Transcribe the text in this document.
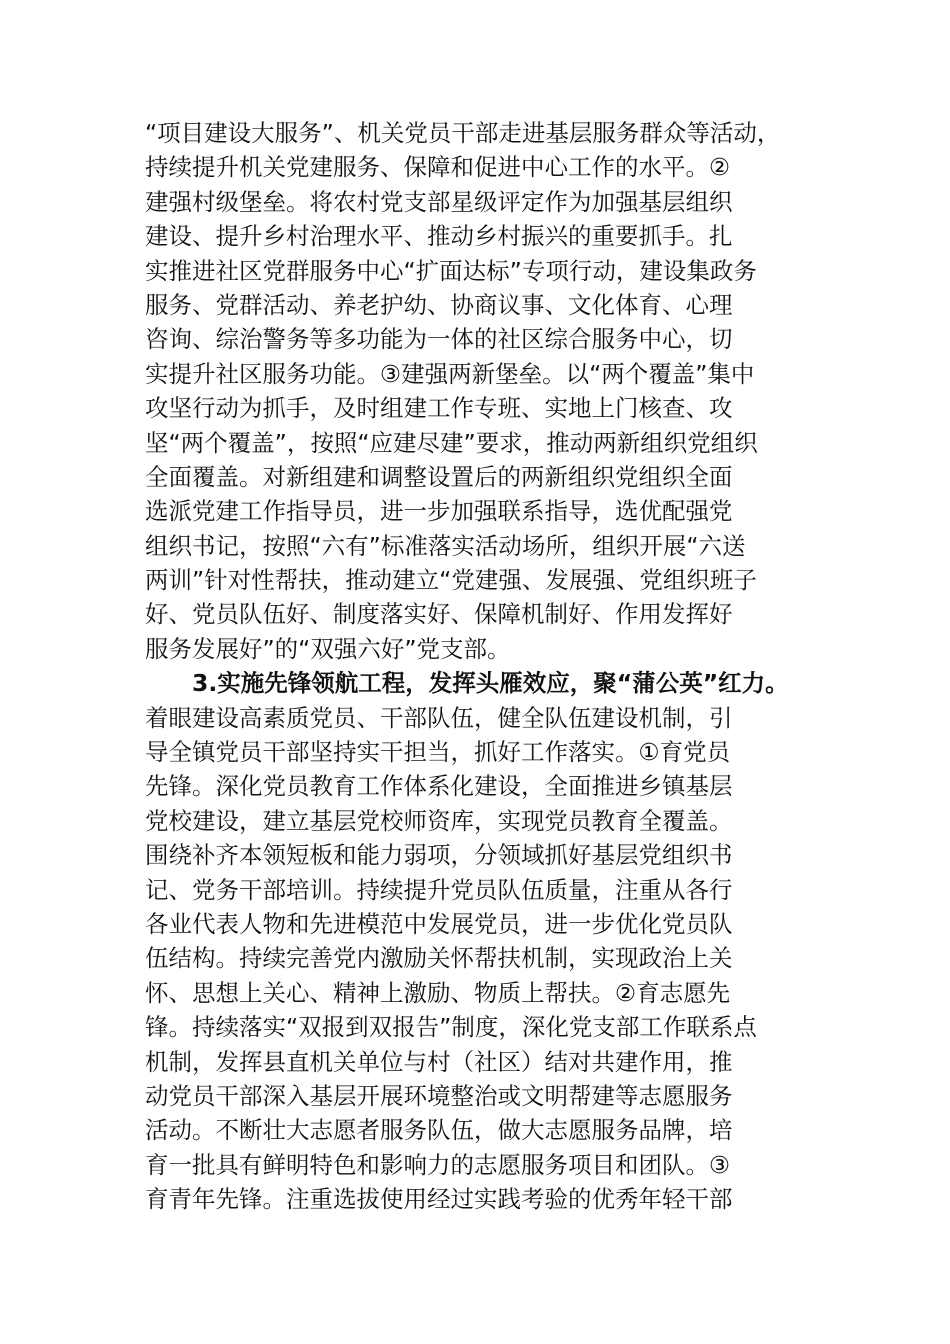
“项目建设大服务”、机关党员干部走进基层服务群众等活动，
持续提升机关党建服务、保障和促进中心工作的水平。②
建强村级堡垒。将农村党支部星级评定作为加强基层组织
建设、提升乡村治理水平、推动乡村振兴的重要抓手。扎
实推进社区党群服务中心“扩面达标”专项行动，建设集政务
服务、党群活动、养老护幼、协商议事、文化体育、心理
咨询、综治警务等多功能为一体的社区综合服务中心，切
实提升社区服务功能。③建强两新堡垒。以“两个覆盖”集中
攻坚行动为抓手，及时组建工作专班、实地上门核查、攻
坚“两个覆盖”，按照“应建尽建”要求，推动两新组织党组织
全面覆盖。对新组建和调整设置后的两新组织党组织全面
选派党建工作指导员，进一步加强联系指导，选优配强党
组织书记，按照“六有”标准落实活动场所，组织开展“六送
两训”针对性帮扶，推动建立“党建强、发展强、党组织班子
好、党员队伍好、制度落实好、保障机制好、作用发挥好
服务发展好”的“双强六好”党支部。
3.实施先锋领航工程，发挥头雁效应，聚“蒲公英”红力。
着眼建设高素质党员、干部队伍，健全队伍建设机制，引
导全镇党员干部坚持实干担当，抓好工作落实。①育党员
先锋。深化党员教育工作体系化建设，全面推进乡镇基层
党校建设，建立基层党校师资库，实现党员教育全覆盖。
围绕补齐本领短板和能力弱项，分领域抓好基层党组织书
记、党务干部培训。持续提升党员队伍质量，注重从各行
各业代表人物和先进模范中发展党员，进一步优化党员队
伍结构。持续完善党内激励关怀帮扶机制，实现政治上关
怀、思想上关心、精神上激励、物质上帮扶。②育志愿先
锋。持续落实“双报到双报告”制度，深化党支部工作联系点
机制，发挥县直机关单位与村（社区）结对共建作用，推
动党员干部深入基层开展环境整治或文明帮建等志愿服务
活动。不断壮大志愿者服务队伍，做大志愿服务品牌，培
育一批具有鲜明特色和影响力的志愿服务项目和团队。③
育青年先锋。注重选拔使用经过实践考验的优秀年轻干部
